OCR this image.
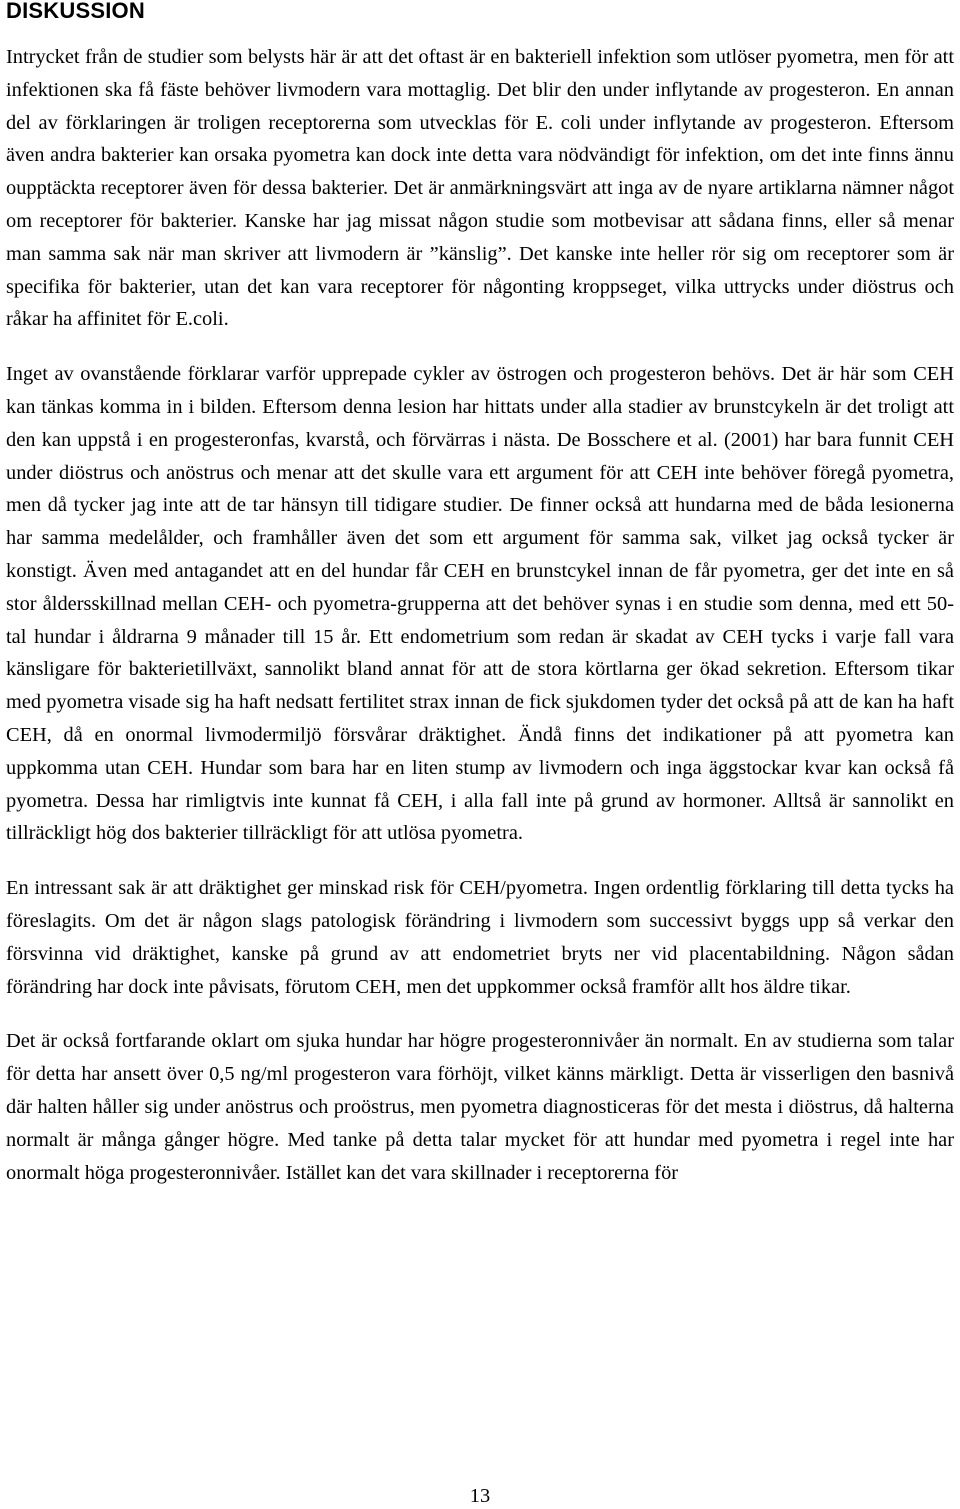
DISKUSSION

Intrycket från de studier som belysts här är att det oftast är en bakteriell infektion som utlöser pyometra, men för att infektionen ska få fäste behöver livmodern vara mottaglig. Det blir den under inflytande av progesteron. En annan del av förklaringen är troligen receptorerna som utvecklas för E. coli under inflytande av progesteron. Eftersom även andra bakterier kan orsaka pyometra kan dock inte detta vara nödvändigt för infektion, om det inte finns ännu oupptäckta receptorer även för dessa bakterier. Det är anmärkningsvärt att inga av de nyare artiklarna nämner något om receptorer för bakterier. Kanske har jag missat någon studie som motbevisar att sådana finns, eller så menar man samma sak när man skriver att livmodern är ”känslig”. Det kanske inte heller rör sig om receptorer som är specifika för bakterier, utan det kan vara receptorer för någonting kroppseget, vilka uttrycks under diöstrus och råkar ha affinitet för E.coli.

Inget av ovanstående förklarar varför upprepade cykler av östrogen och progesteron behövs. Det är här som CEH kan tänkas komma in i bilden. Eftersom denna lesion har hittats under alla stadier av brunstcykeln är det troligt att den kan uppstå i en progesteronfas, kvarstå, och förvärras i nästa. De Bosschere et al. (2001) har bara funnit CEH under diöstrus och anöstrus och menar att det skulle vara ett argument för att CEH inte behöver föregå pyometra, men då tycker jag inte att de tar hänsyn till tidigare studier. De finner också att hundarna med de båda lesionerna har samma medelålder, och framhåller även det som ett argument för samma sak, vilket jag också tycker är konstigt. Även med antagandet att en del hundar får CEH en brunstcykel innan de får pyometra, ger det inte en så stor åldersskillnad mellan CEH- och pyometra-grupperna att det behöver synas i en studie som denna, med ett 50-tal hundar i åldrarna 9 månader till 15 år. Ett endometrium som redan är skadat av CEH tycks i varje fall vara känsligare för bakterietillväxt, sannolikt bland annat för att de stora körtlarna ger ökad sekretion. Eftersom tikar med pyometra visade sig ha haft nedsatt fertilitet strax innan de fick sjukdomen tyder det också på att de kan ha haft CEH, då en onormal livmodermiljö försvårar dräktighet. Ändå finns det indikationer på att pyometra kan uppkomma utan CEH. Hundar som bara har en liten stump av livmodern och inga äggstockar kvar kan också få pyometra. Dessa har rimligtvis inte kunnat få CEH, i alla fall inte på grund av hormoner. Alltså är sannolikt en tillräckligt hög dos bakterier tillräckligt för att utlösa pyometra.

En intressant sak är att dräktighet ger minskad risk för CEH/pyometra. Ingen ordentlig förklaring till detta tycks ha föreslagits. Om det är någon slags patologisk förändring i livmodern som successivt byggs upp så verkar den försvinna vid dräktighet, kanske på grund av att endometriet bryts ner vid placentabildning. Någon sådan förändring har dock inte påvisats, förutom CEH, men det uppkommer också framför allt hos äldre tikar.

Det är också fortfarande oklart om sjuka hundar har högre progesteronnivåer än normalt. En av studierna som talar för detta har ansett över 0,5 ng/ml progesteron vara förhöjt, vilket känns märkligt. Detta är visserligen den basnivå där halten håller sig under anöstrus och proöstrus, men pyometra diagnosticeras för det mesta i diöstrus, då halterna normalt är många gånger högre. Med tanke på detta talar mycket för att hundar med pyometra i regel inte har onormalt höga progesteronnivåer. Istället kan det vara skillnader i receptorerna för

13
